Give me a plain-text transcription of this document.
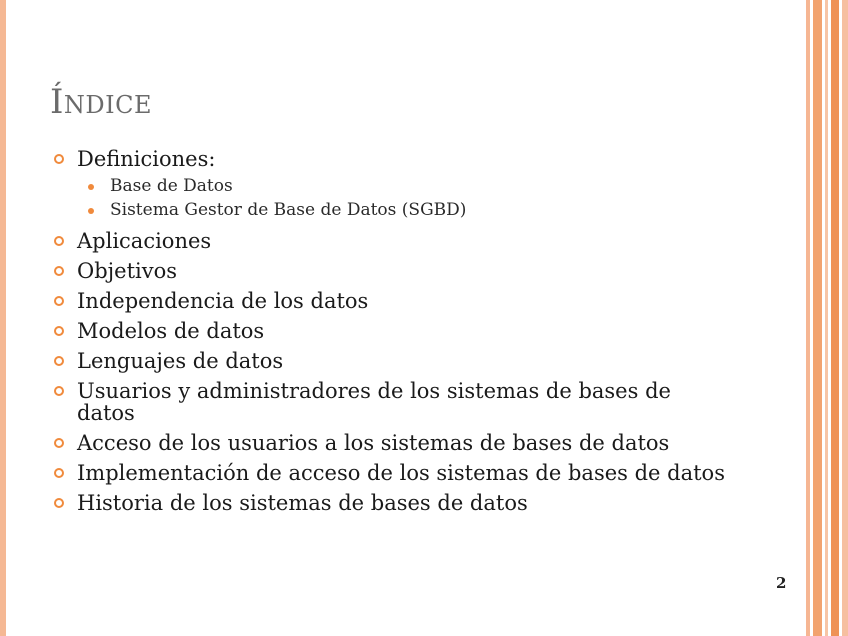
Índice
Definiciones:
Base de Datos
Sistema Gestor de Base de Datos (SGBD)
Aplicaciones
Objetivos
Independencia de los datos
Modelos de datos
Lenguajes de datos
Usuarios y administradores de los sistemas de bases de datos
Acceso de los usuarios a los sistemas de bases de datos
Implementación de acceso de los sistemas de bases de datos
Historia de los sistemas de bases de datos
2
